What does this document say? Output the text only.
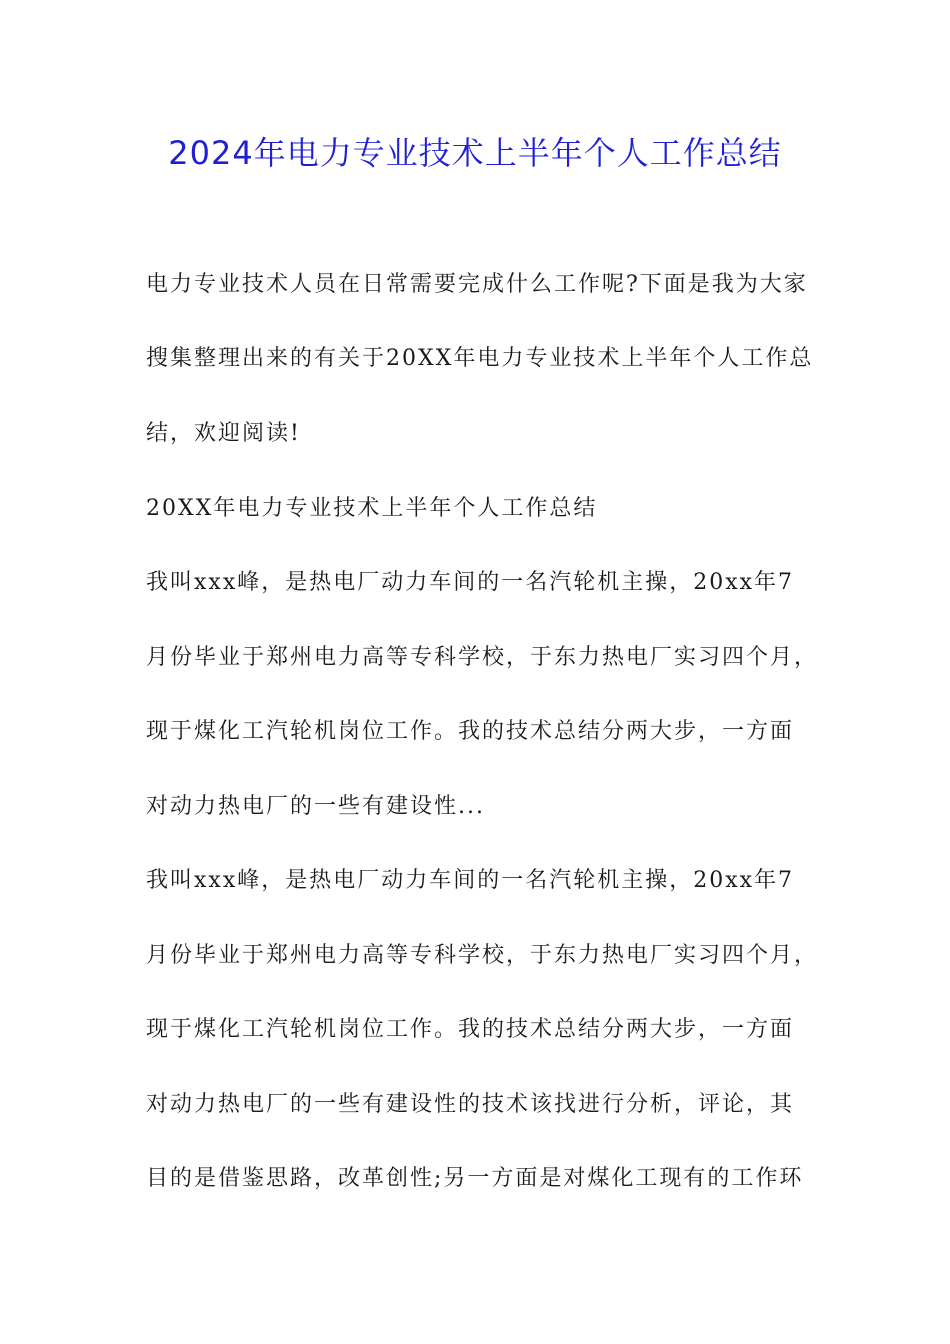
2024年电力专业技术上半年个人工作总结
电力专业技术人员在日常需要完成什么工作呢?下面是我为大家
搜集整理出来的有关于20XX年电力专业技术上半年个人工作总
结，欢迎阅读!
20XX年电力专业技术上半年个人工作总结
我叫xxx峰，是热电厂动力车间的一名汽轮机主操，20xx年7
月份毕业于郑州电力高等专科学校，于东力热电厂实习四个月，
现于煤化工汽轮机岗位工作。我的技术总结分两大步，一方面
对动力热电厂的一些有建设性...
我叫xxx峰，是热电厂动力车间的一名汽轮机主操，20xx年7
月份毕业于郑州电力高等专科学校，于东力热电厂实习四个月，
现于煤化工汽轮机岗位工作。我的技术总结分两大步，一方面
对动力热电厂的一些有建设性的技术该找进行分析，评论，其
目的是借鉴思路，改革创性;另一方面是对煤化工现有的工作环
